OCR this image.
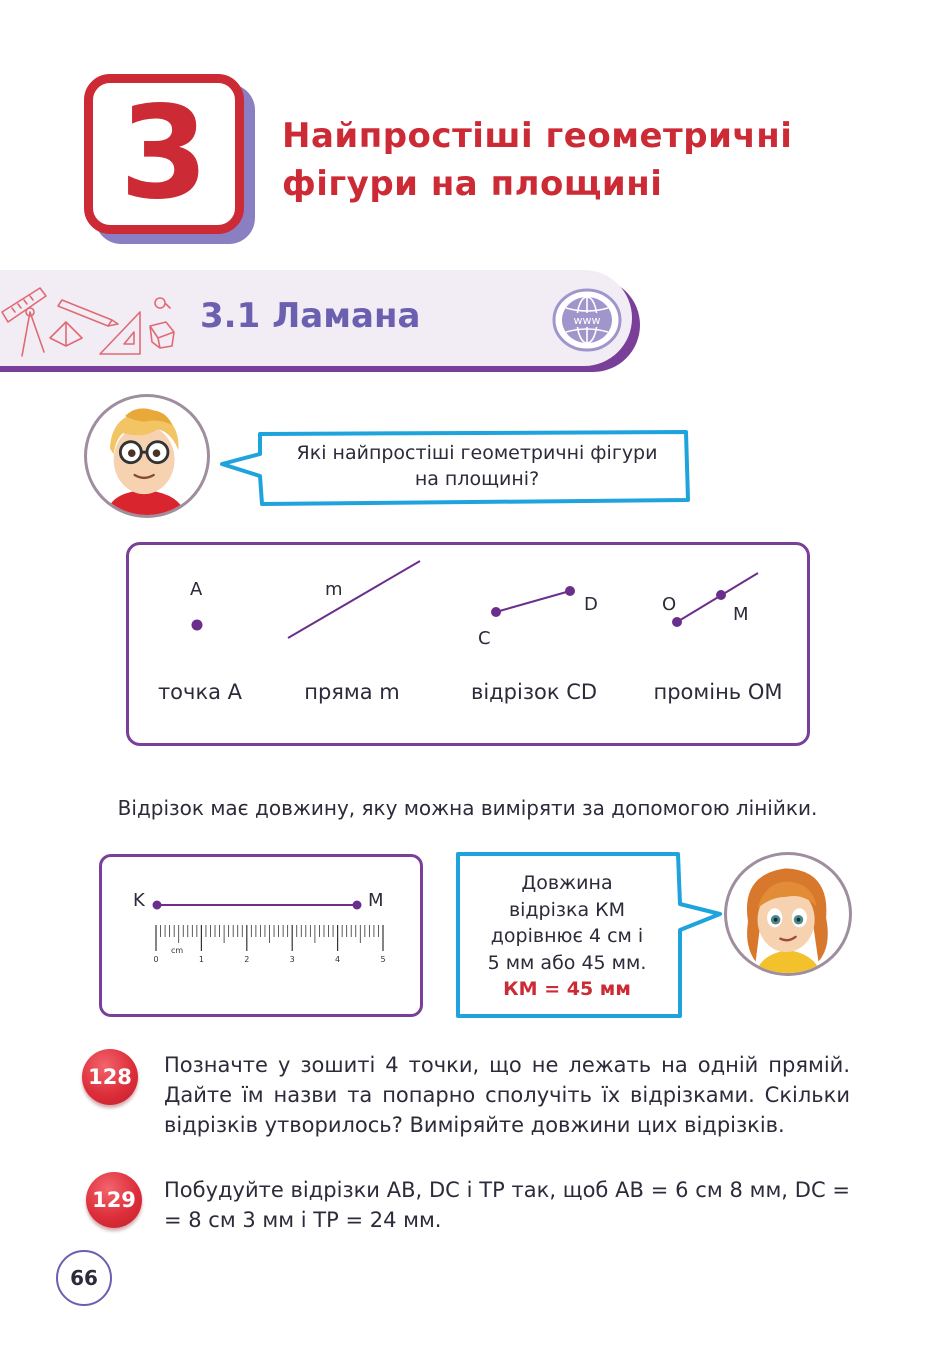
3	Найпростіші геометричні
фігури на площині
3.1 Ламана	www
Які найпростіші геометричні фігури
на площині?
A	m
C
D	O	M
точка А	пряма m	відрізок CD	промінь ОМ
Відрізок має довжину, яку можна виміряти за допомогою лінійки.
0	1	2	3	4	5
cm
K	M
Довжина
відрізка КМ
дорівнює 4 см і
5 мм або 45 мм.
КМ = 45 мм
128 Позначте у зошиті 4 точки, що не лежать на одній прямій. Дайте їм назви та попарно сполучіть їх відрізками. Скільки відрізків утворилось? Виміряйте довжини цих відрізків.
129 Побудуйте відрізки AB, DC і TP так, щоб AB = 6 см 8 мм, DC = = 8 см 3 мм і TP = 24 мм.
66
